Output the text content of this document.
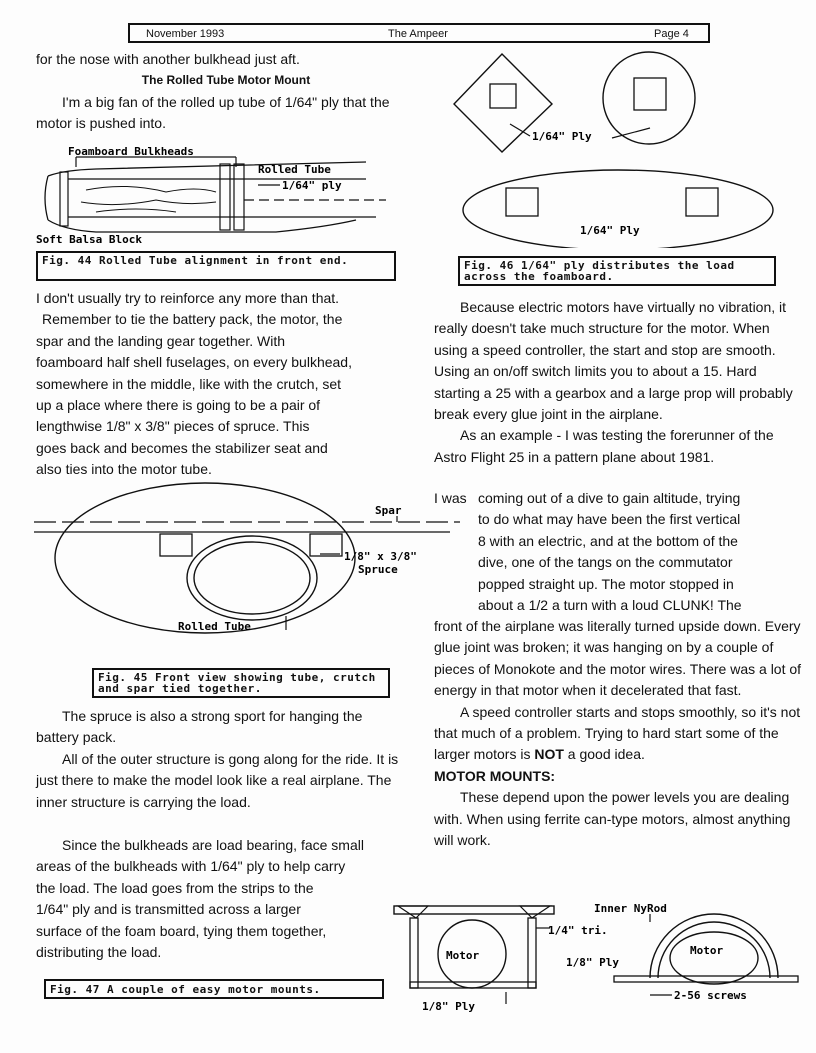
November 1993	The Ampeer	Page 4

for the nose with another bulkhead just aft.

The Rolled Tube Motor Mount

I'm a big fan of the rolled up tube of 1/64" ply that the motor is pushed into.

Foamboard Bulkheads
Rolled Tube
1/64" ply
Soft Balsa Block
Fig. 44 Rolled Tube alignment in front end.

I don't usually try to reinforce any more than that.

Remember to tie the battery pack, the motor, the

spar and the landing gear together. With

foamboard half shell fuselages, on every bulkhead,

somewhere in the middle, like with the crutch, set

up a place where there is going to be a pair of

lengthwise 1/8" x 3/8" pieces of spruce. This

goes back and becomes the stabilizer seat and

also ties into the motor tube.

Spar
1/8" x 3/8"
Spruce
Rolled Tube
Fig. 45 Front view showing tube, crutch and spar tied together.

The spruce is also a strong sport for hanging the battery pack.

All of the outer structure is gong along for the ride. It is just there to make the model look like a real airplane. The inner structure is carrying the load.

Since the bulkheads are load bearing, face small

areas of the bulkheads with 1/64" ply to help carry

the load. The load goes from the strips to the

1/64" ply and is transmitted across a larger

surface of the foam board, tying them together,

distributing the load.

1/64" Ply
1/64" Ply
Fig. 46 1/64" ply distributes the load across the foamboard.

Because electric motors have virtually no vibration, it really doesn't take much structure for the motor. When using a speed controller, the start and stop are smooth. Using an on/off switch limits you to about a 15. Hard starting a 25 with a gearbox and a large prop will probably break every glue joint in the airplane.

As an example - I was testing the forerunner of the Astro Flight 25 in a pattern plane about 1981.

I was coming out of a dive to gain altitude, trying

to do what may have been the first vertical

8 with an electric, and at the bottom of the

dive, one of the tangs on the commutator

popped straight up. The motor stopped in

about a 1/2 a turn with a loud CLUNK! The

front of the airplane was literally turned upside down. Every glue joint was broken; it was hanging on by a couple of pieces of Monokote and the motor wires. There was a lot of energy in that motor when it decelerated that fast.

A speed controller starts and stops smoothly, so it's not that much of a problem. Trying to hard start some of the larger motors is NOT a good idea.

MOTOR MOUNTS:

These depend upon the power levels you are dealing with. When using ferrite can-type motors, almost anything will work.

Motor
1/4" tri.
1/8" Ply
Inner NyRod
Motor
1/8" Ply
2-56 screws
Fig. 47 A couple of easy motor mounts.
